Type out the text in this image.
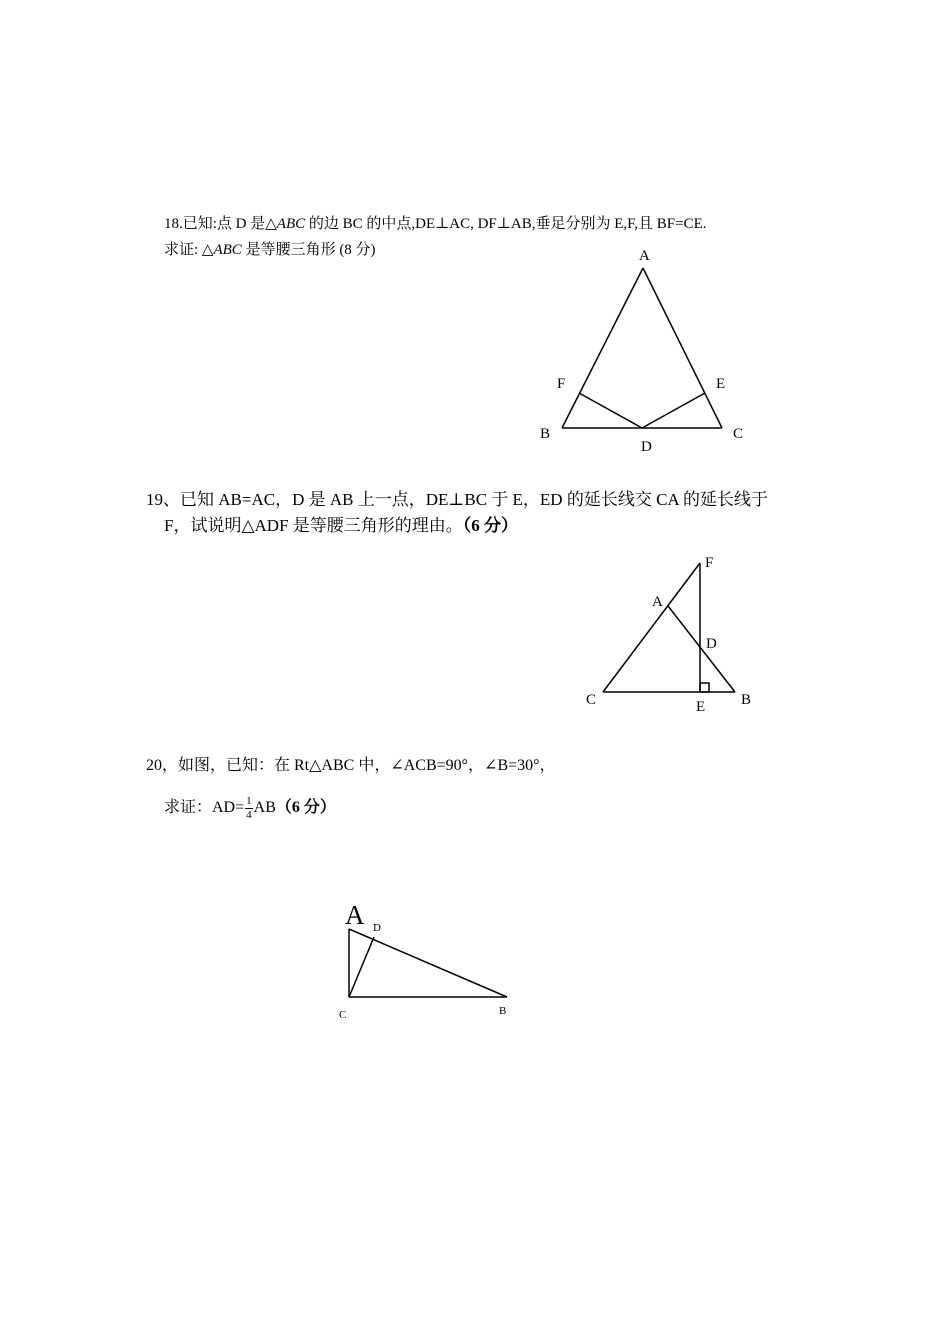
18.已知:点 D 是△ABC 的边 BC 的中点,DE⊥AC, DF⊥AB,垂足分别为 E,F,且 BF=CE.
求证: △ABC 是等腰三角形 (8 分)
19、已知 AB=AC，D 是 AB 上一点，DE⊥BC 于 E，ED 的延长线交 CA 的延长线于
F，试说明△ADF 是等腰三角形的理由。（6 分）
20，如图，已知：在 Rt△ABC 中，∠ACB=90°，∠B=30°，
求证：$AD= \frac{1}{4} AB(6$ 分）
A
F	E
B	C
D
F
A
D
C	B
E
A D
C	B
